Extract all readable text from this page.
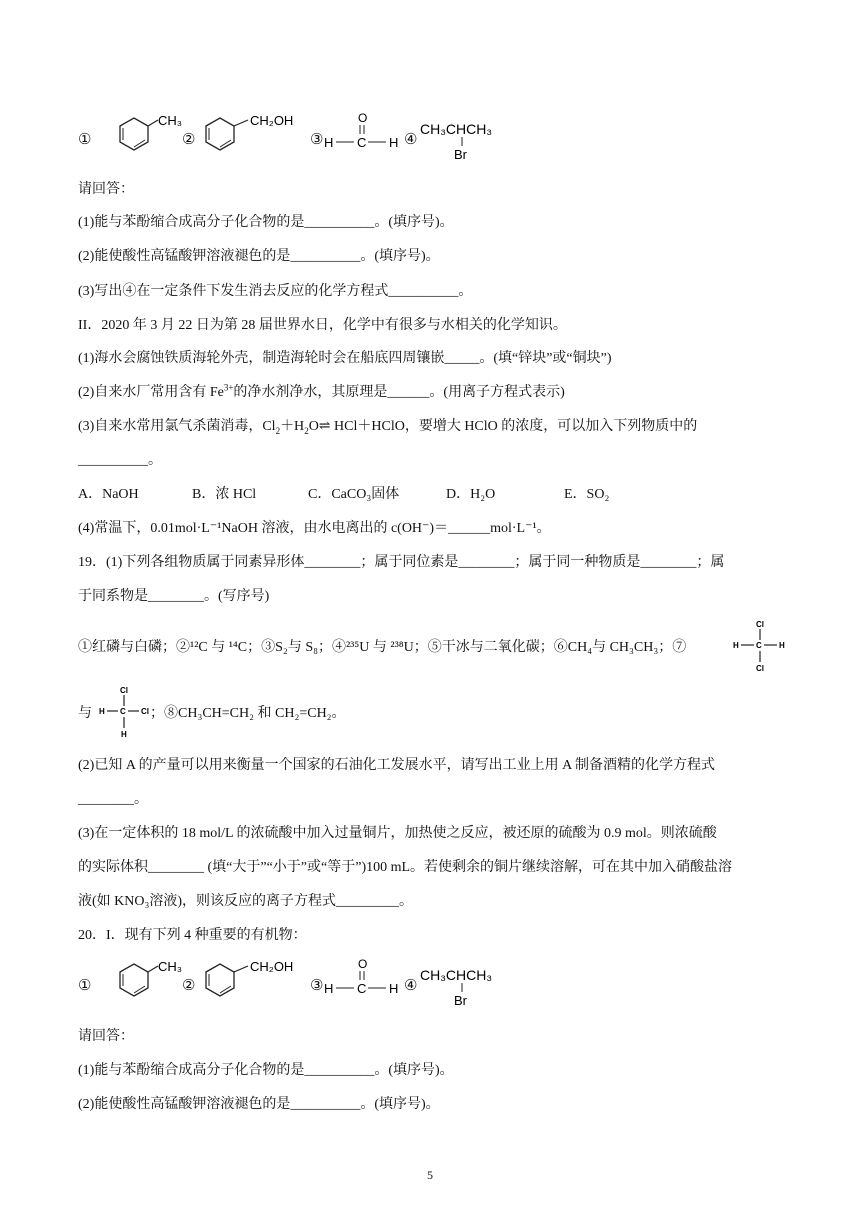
①
CH₃
②
CH₂OH
③
O
H C H ④
CH₃CHCH₃
Br
请回答：
(1)能与苯酚缩合成高分子化合物的是__________。(填序号)。
(2)能使酸性高锰酸钾溶液褪色的是__________。(填序号)。
(3)写出④在一定条件下发生消去反应的化学方程式__________。
II．2020 年 3 月 22 日为第 28 届世界水日，化学中有很多与水相关的化学知识。
(1)海水会腐蚀铁质海轮外壳，制造海轮时会在船底四周镶嵌_____。(填“锌块”或“铜块”)
(2)自来水厂常用含有 $Fe^{3+}$的净水剂净水，其原理是______。(用离子方程式表示)
(3)自来水常用氯气杀菌消毒，$Cl_2+H_2O\rightleftharpoons$ HCl＋HClO，要增大 HClO 的浓度，可以加入下列物质中的
__________。
A．NaOH	B．浓 HCl	C．CaCO₃固体	D．H₂O	E．SO₂
(4)常温下，0.01mol·L⁻¹NaOH 溶液，由水电离出的 c(OH⁻)＝______mol·L⁻¹。
19．(1)下列各组物质属于同素异形体________；属于同位素是________；属于同一种物质是________；属
于同系物是________。(写序号)
①红磷与白磷；②¹²C 与 ¹⁴C；③S₂与 S₈；④²³⁵U 与 ²³⁸U；⑤干冰与二氧化碳；⑥CH₄与 CH₃CH₃；⑦
Cl
H C H
Cl
与	；⑧CH₃CH=CH₂ 和 CH₂=CH₂。
Cl
H C Cl
H
(2)已知 A 的产量可以用来衡量一个国家的石油化工发展水平，请写出工业上用 A 制备酒精的化学方程式
________。
(3)在一定体积的 18 mol/L 的浓硫酸中加入过量铜片，加热使之反应，被还原的硫酸为 0.9 mol。则浓硫酸
的实际体积________ (填“大于”“小于”或“等于”)100 mL。若使剩余的铜片继续溶解，可在其中加入硝酸盐溶
液(如 KNO₃溶液)，则该反应的离子方程式_________。
20．I．现有下列 4 种重要的有机物：
①
CH₃
②
CH₂OH
③
O
H C H ④
CH₃CHCH₃
Br
请回答：
(1)能与苯酚缩合成高分子化合物的是__________。(填序号)。
(2)能使酸性高锰酸钾溶液褪色的是__________。(填序号)。
5
